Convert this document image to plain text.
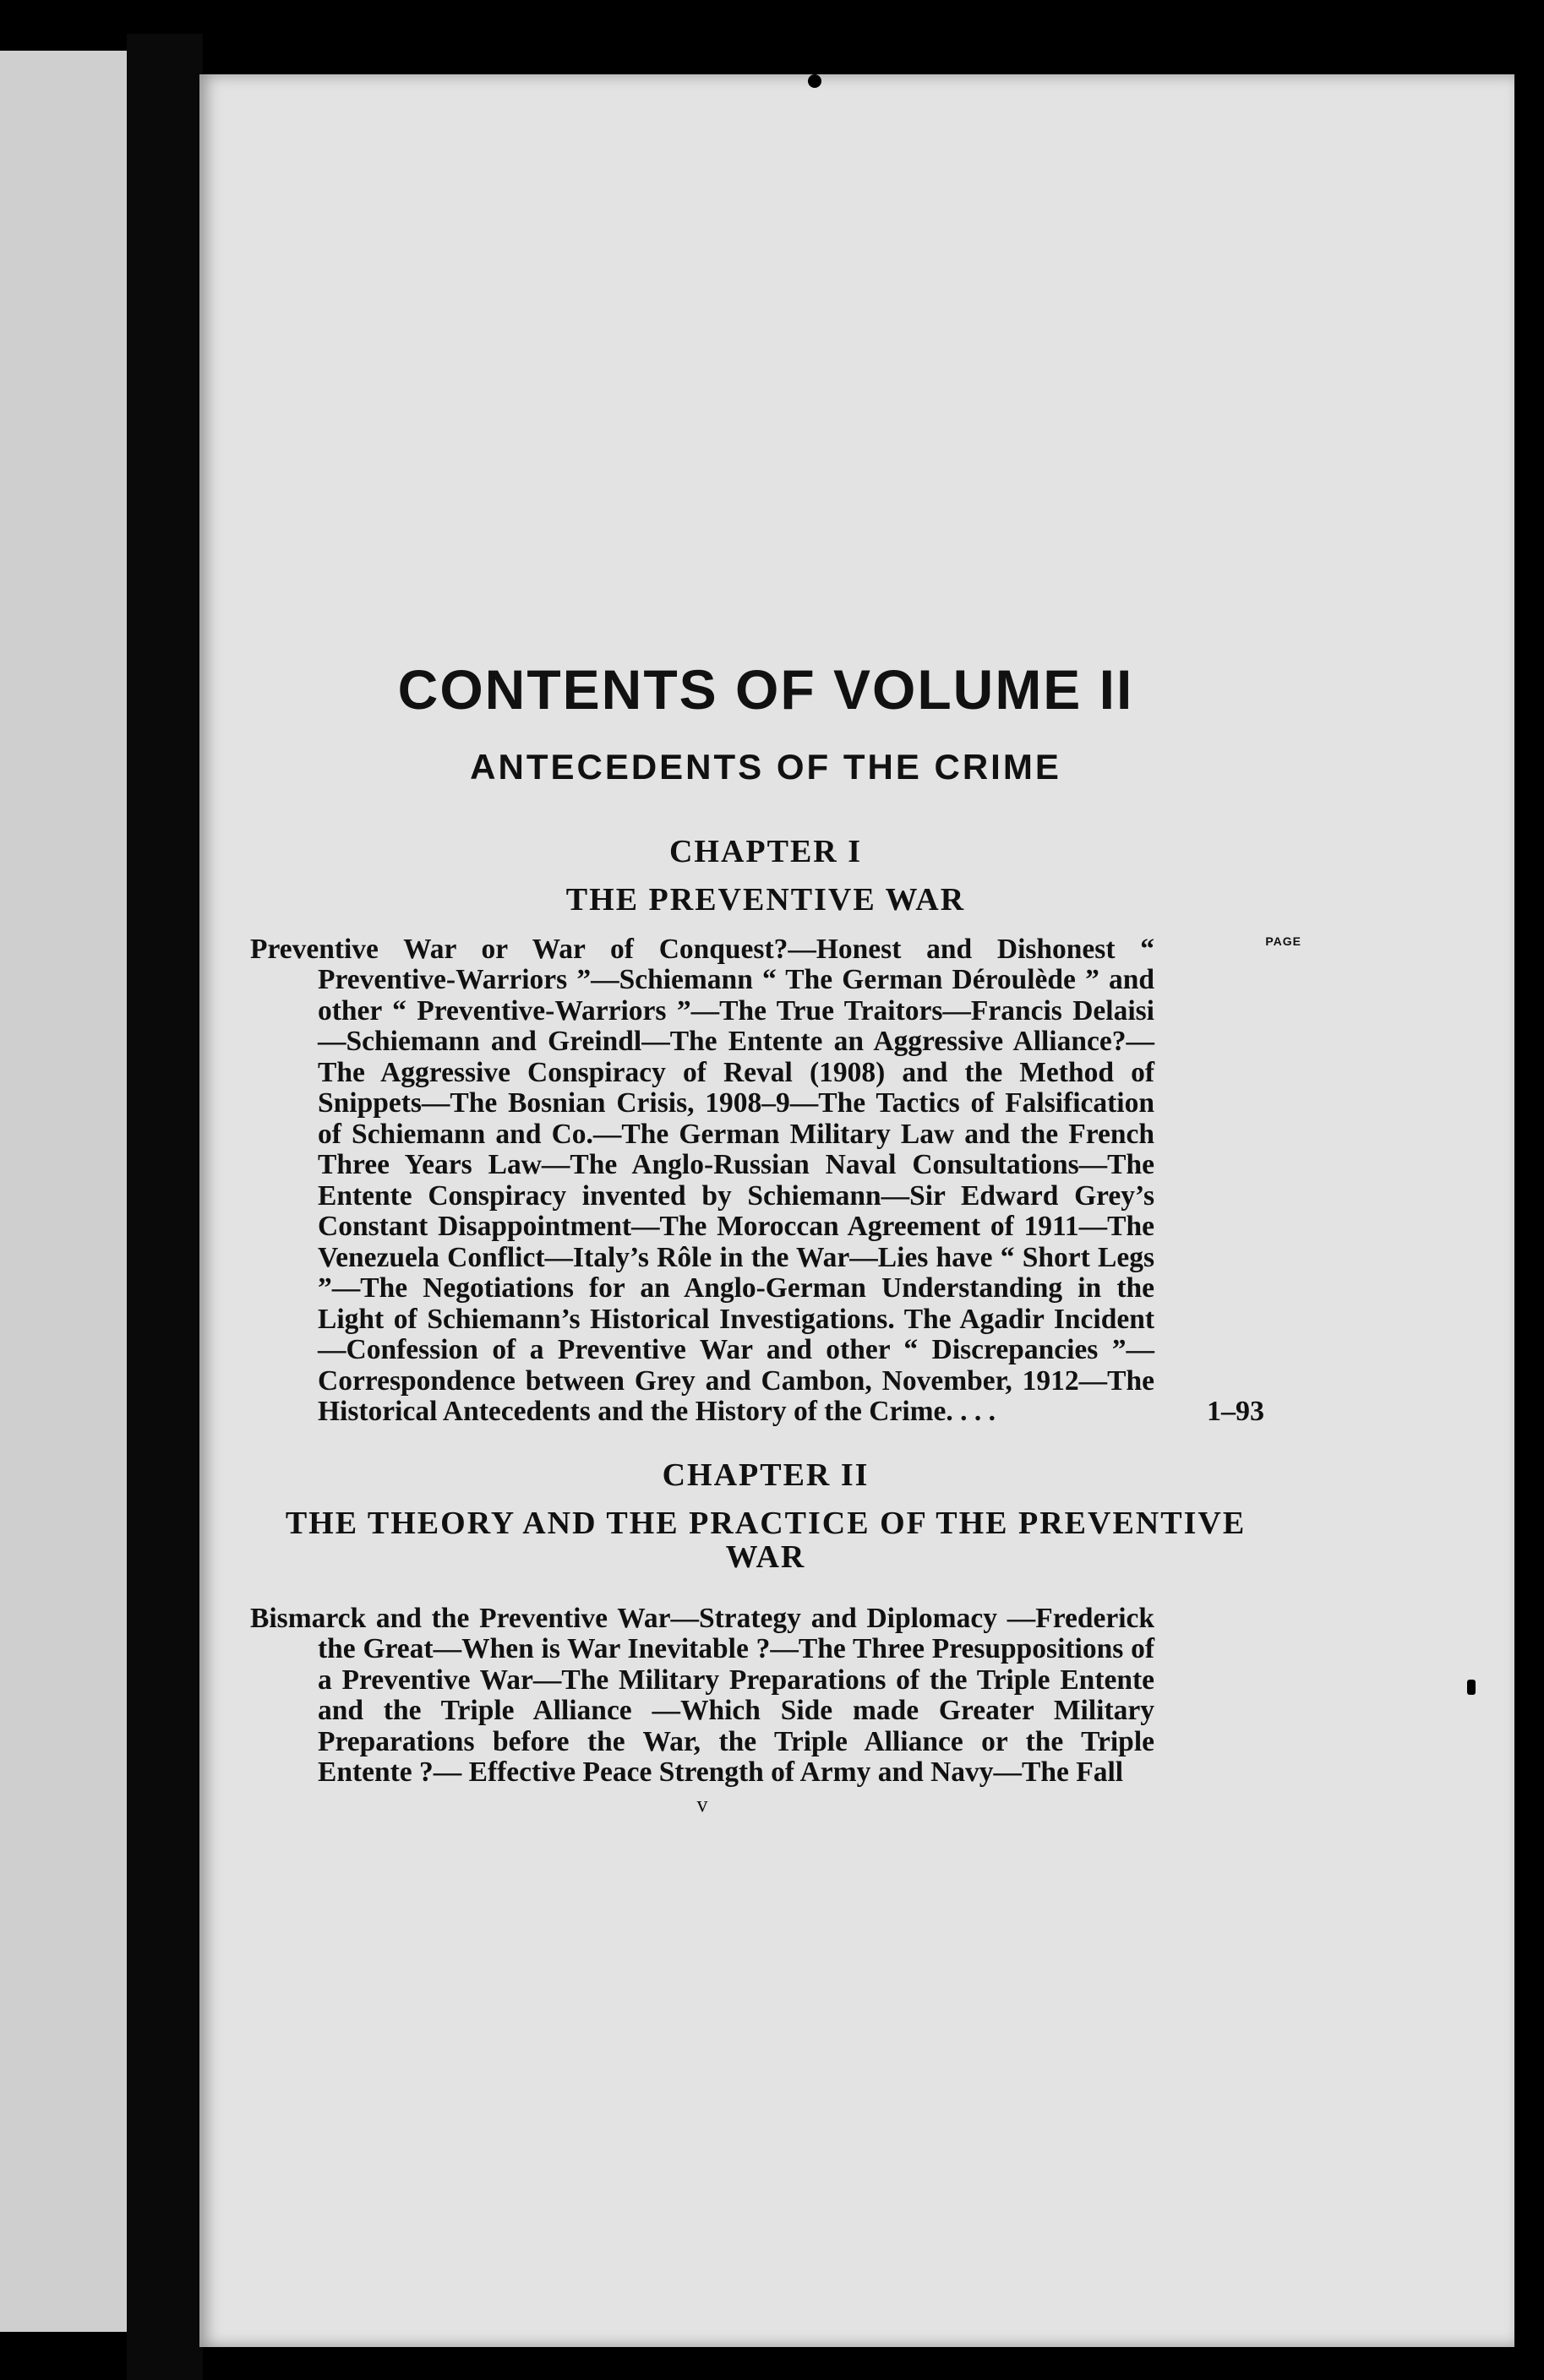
CONTENTS OF VOLUME II
ANTECEDENTS OF THE CRIME
CHAPTER I
THE PREVENTIVE WAR
PAGE

Preventive War or War of Conquest?—Honest and Dishonest “ Preventive-Warriors ”—Schiemann “ The German Déroulède ” and other “ Preventive-Warriors ”—The True Traitors—Francis Delaisi—Schiemann and Greindl—The Entente an Aggressive Alliance?—The Aggressive Conspiracy of Reval (1908) and the Method of Snippets—The Bosnian Crisis, 1908–9—The Tactics of Falsification of Schiemann and Co.—The German Military Law and the French Three Years Law—The Anglo-Russian Naval Consultations—The Entente Conspiracy invented by Schiemann—Sir Edward Grey’s Constant Disappointment—The Moroccan Agreement of 1911—The Venezuela Conflict—Italy’s Rôle in the War—Lies have “ Short Legs ”—The Negotiations for an Anglo-German Understanding in the Light of Schiemann’s Historical Investigations. The Agadir Incident—Confession of a Preventive War and other “ Discrepancies ”—Correspondence between Grey and Cambon, November, 1912—The Historical Antecedents and the History of the Crime. . . .	1–93

CHAPTER II
THE THEORY AND THE PRACTICE OF THE PREVENTIVE WAR

Bismarck and the Preventive War—Strategy and Diplomacy —Frederick the Great—When is War Inevitable ?—The Three Presuppositions of a Preventive War—The Military Preparations of the Triple Entente and the Triple Alliance —Which Side made Greater Military Preparations before the War, the Triple Alliance or the Triple Entente ?— Effective Peace Strength of Army and Navy—The Fall

v
